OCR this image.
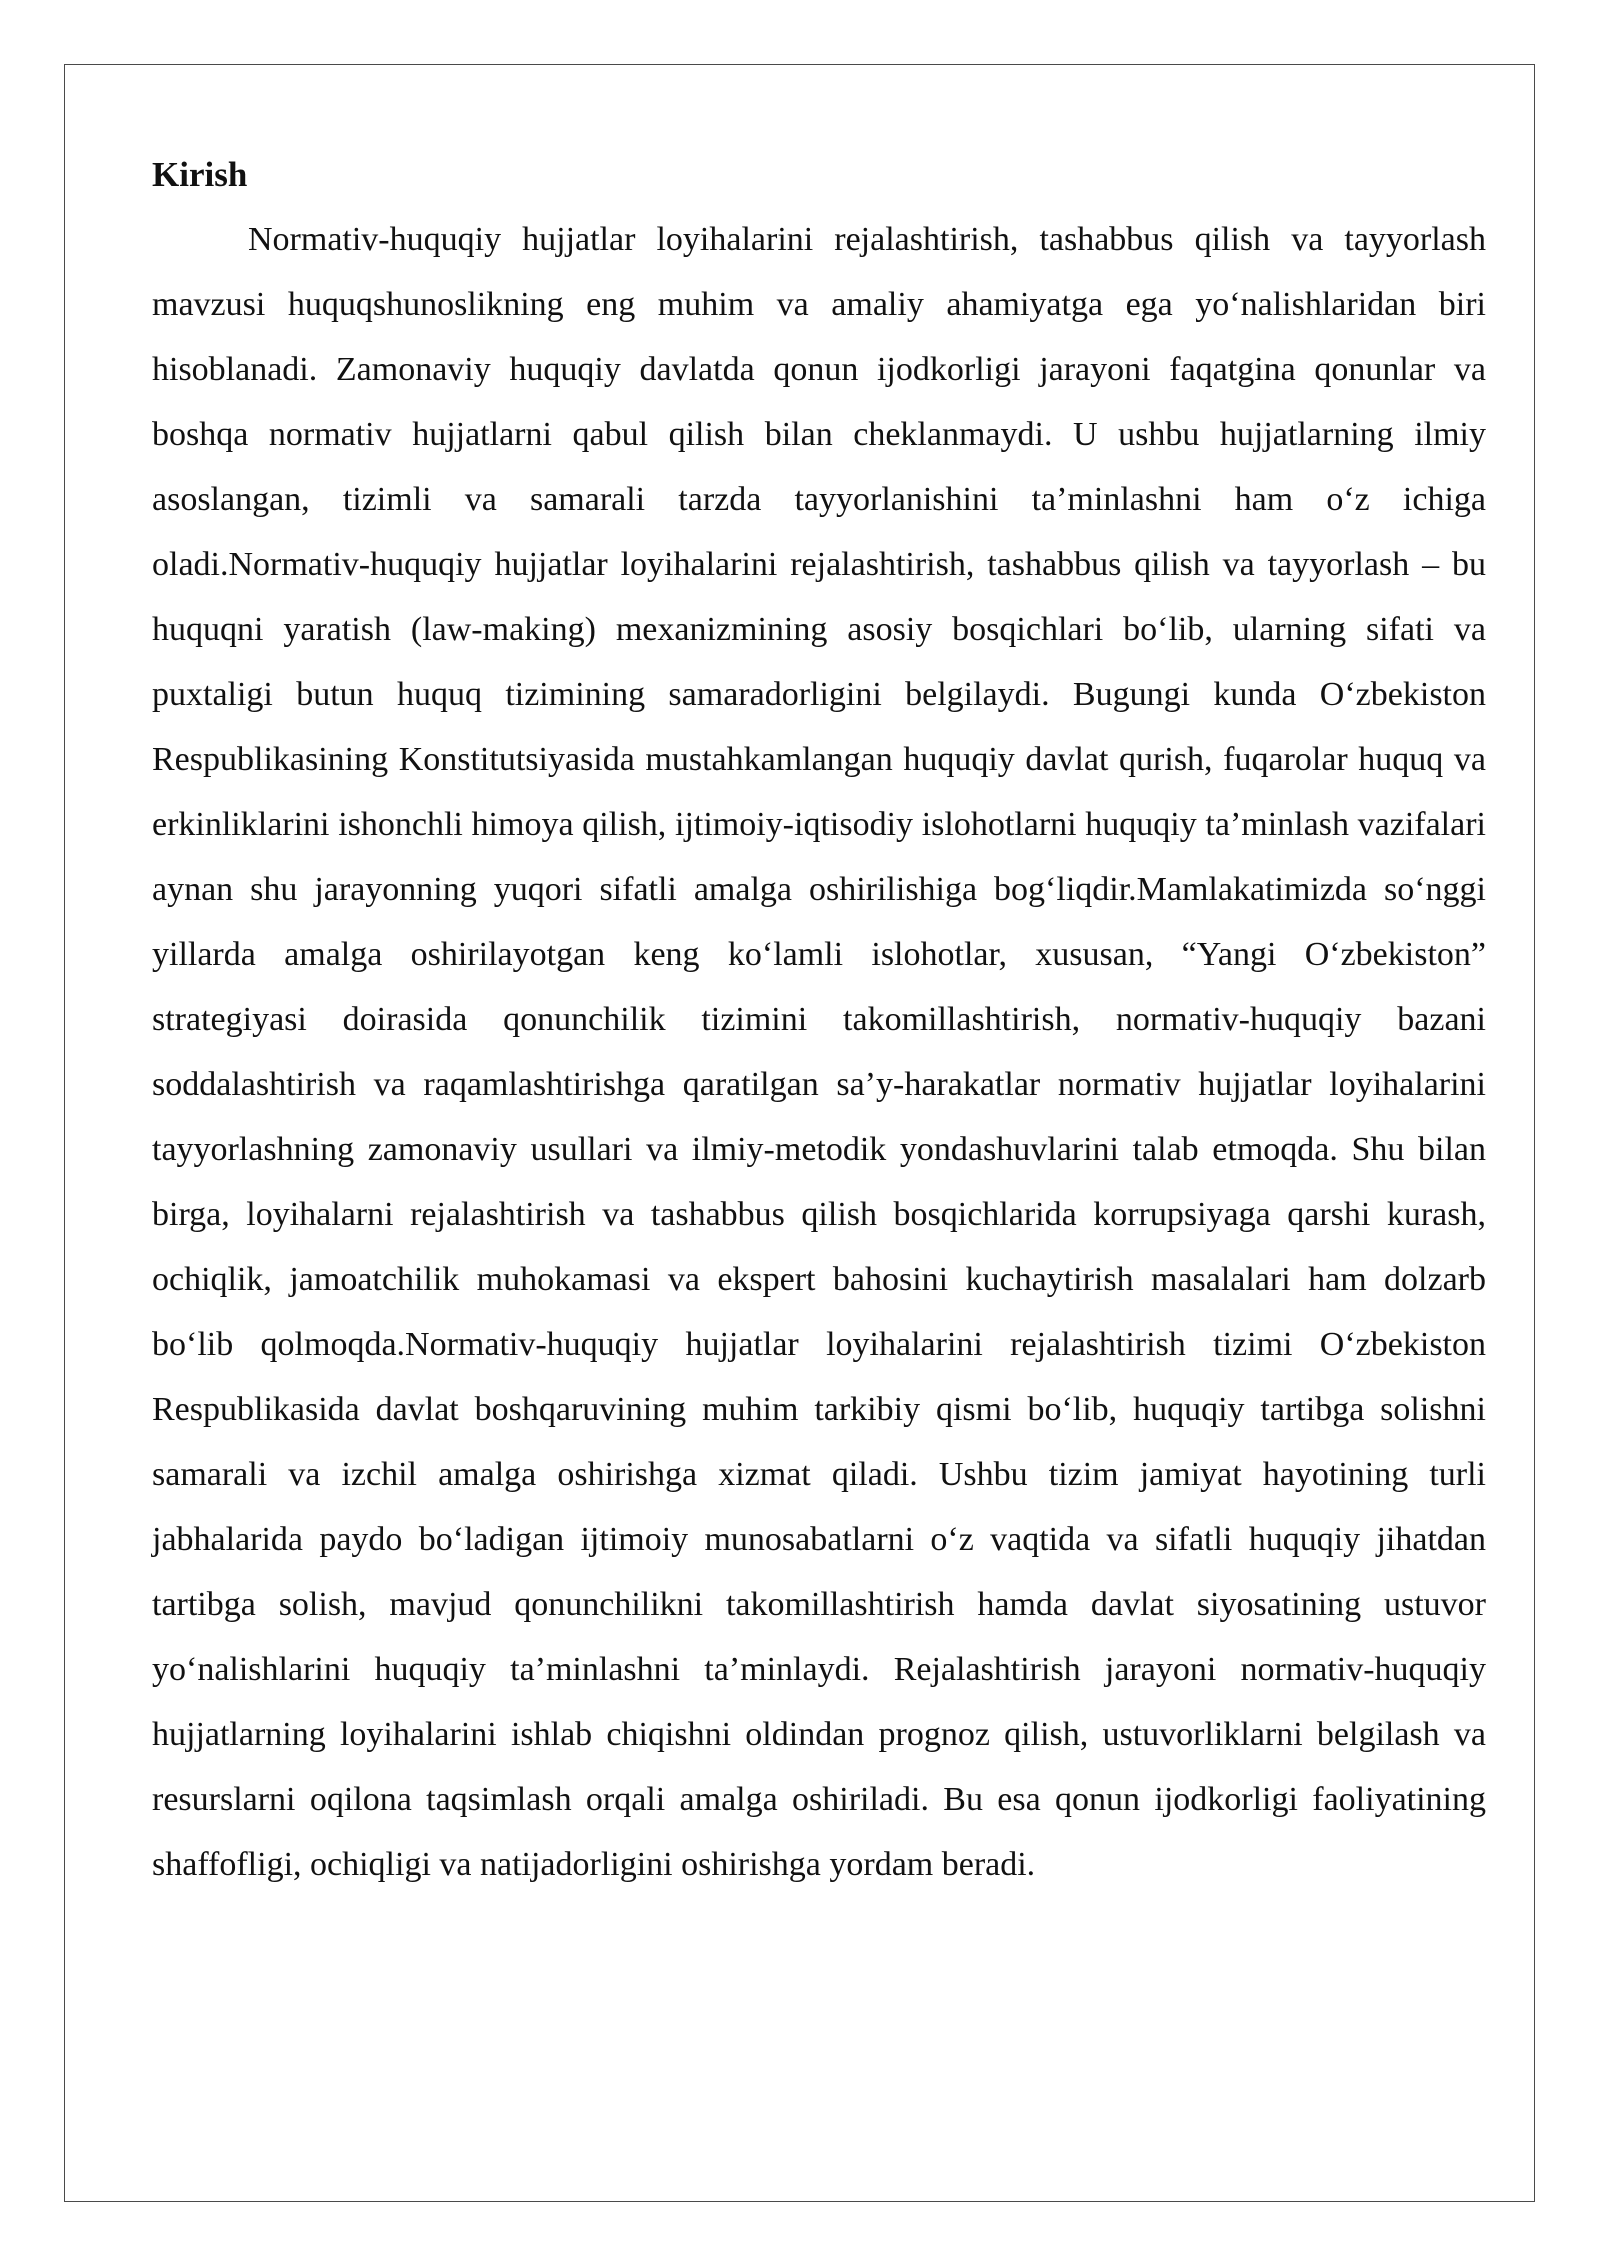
Kirish

Normativ-huquqiy hujjatlar loyihalarini rejalashtirish, tashabbus qilish va tayyorlash mavzusi huquqshunoslikning eng muhim va amaliy ahamiyatga ega yo‘nalishlaridan biri hisoblanadi. Zamonaviy huquqiy davlatda qonun ijodkorligi jarayoni faqatgina qonunlar va boshqa normativ hujjatlarni qabul qilish bilan cheklanmaydi. U ushbu hujjatlarning ilmiy asoslangan, tizimli va samarali tarzda tayyorlanishini ta’minlashni ham o‘z ichiga oladi.Normativ-huquqiy hujjatlar loyihalarini rejalashtirish, tashabbus qilish va tayyorlash – bu huquqni yaratish (law-making) mexanizmining asosiy bosqichlari bo‘lib, ularning sifati va puxtaligi butun huquq tizimining samaradorligini belgilaydi. Bugungi kunda O‘zbekiston Respublikasining Konstitutsiyasida mustahkamlangan huquqiy davlat qurish, fuqarolar huquq va erkinliklarini ishonchli himoya qilish, ijtimoiy-iqtisodiy islohotlarni huquqiy ta’minlash vazifalari aynan shu jarayonning yuqori sifatli amalga oshirilishiga bog‘liqdir.Mamlakatimizda so‘nggi yillarda amalga oshirilayotgan keng ko‘lamli islohotlar, xususan, “Yangi O‘zbekiston” strategiyasi doirasida qonunchilik tizimini takomillashtirish, normativ-huquqiy bazani soddalashtirish va raqamlashtirishga qaratilgan sa’y-harakatlar normativ hujjatlar loyihalarini tayyorlashning zamonaviy usullari va ilmiy-metodik yondashuvlarini talab etmoqda. Shu bilan birga, loyihalarni rejalashtirish va tashabbus qilish bosqichlarida korrupsiyaga qarshi kurash, ochiqlik, jamoatchilik muhokamasi va ekspert bahosini kuchaytirish masalalari ham dolzarb bo‘lib qolmoqda.Normativ-huquqiy hujjatlar loyihalarini rejalashtirish tizimi O‘zbekiston Respublikasida davlat boshqaruvining muhim tarkibiy qismi bo‘lib, huquqiy tartibga solishni samarali va izchil amalga oshirishga xizmat qiladi. Ushbu tizim jamiyat hayotining turli jabhalarida paydo bo‘ladigan ijtimoiy munosabatlarni o‘z vaqtida va sifatli huquqiy jihatdan tartibga solish, mavjud qonunchilikni takomillashtirish hamda davlat siyosatining ustuvor yo‘nalishlarini huquqiy ta’minlashni ta’minlaydi. Rejalashtirish jarayoni normativ-huquqiy hujjatlarning loyihalarini ishlab chiqishni oldindan prognoz qilish, ustuvorliklarni belgilash va resurslarni oqilona taqsimlash orqali amalga oshiriladi. Bu esa qonun ijodkorligi faoliyatining shaffofligi, ochiqligi va natijadorligini oshirishga yordam beradi.
